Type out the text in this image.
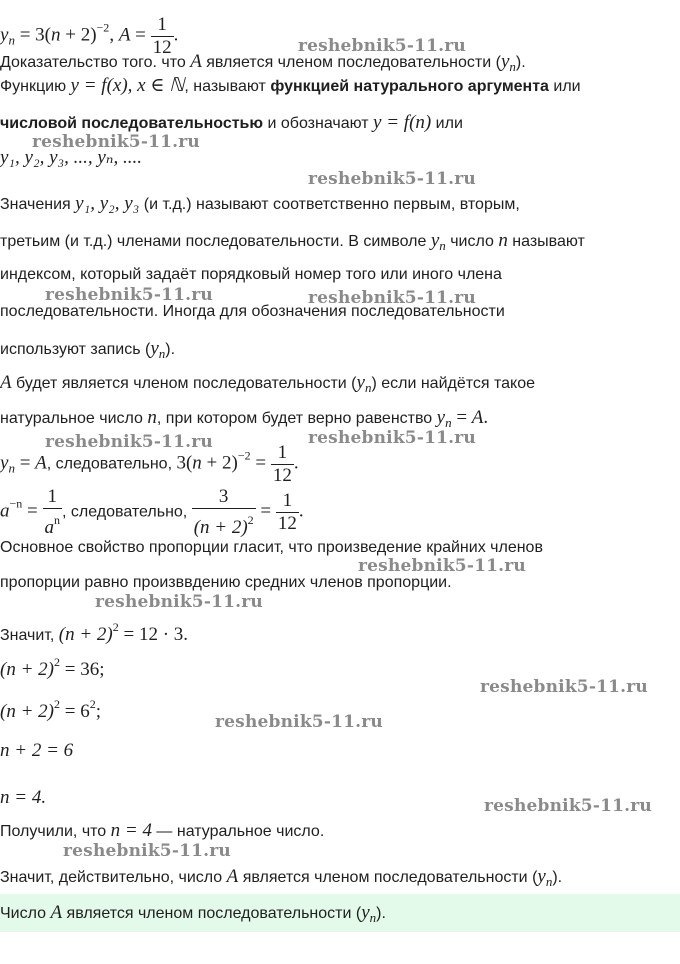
$y_n = 3(n + 2)^{-2}$, $A = \frac{1}{12}$ .
Доказательство того. что A является членом последовательности $(y_n)$.
Функцию y = f(x), x ∈ ℕ, называют функцией натурального аргумента или
числовой последовательностью и обозначают y = f(n) или
y₁, y₂, y₃, ..., yₙ, ....
Значения y₁, y₂, y₃ (и т.д.) называют соответственно первым, вторым,
третьим (и т.д.) членами последовательности. В символе $y_n$ число n называют
индексом, который задаёт порядковый номер того или иного члена
последовательности. Иногда для обозначения последовательности
используют запись $(y_n)$.
A будет является членом последовательности $(y_n)$ если найдётся такое
натуральное число n, при котором будет верно равенство $y_n = A$.
$y_n = A$, следовательно, $3(n + 2)^{-2} = \frac{1}{12}$ .
$a^{-n} = \frac{1}{a^n}$ , следовательно, $\frac{3}{(n + 2)^2} = \frac{1}{12}$ .
Основное свойство пропорции гласит, что произведение крайних членов
пропорции равно произввдению средних членов пропорции.
Значит, $(n + 2)^2 = 12 \cdot 3$.
$(n + 2)^2 = 36$;
$(n + 2)^2 = 6^2$;
n + 2 = 6
n = 4.
Получили, что n = 4 — натуральное число.
Значит, действительно, число A является членом последовательности $(y_n)$.
Число A является членом последовательности $(y_n)$.
reshebnik5-11.ru
reshebnik5-11.ru
reshebnik5-11.ru
reshebnik5-11.ru	reshebnik5-11.ru
reshebnik5-11.ru	reshebnik5-11.ru
reshebnik5-11.ru
reshebnik5-11.ru
reshebnik5-11.ru
reshebnik5-11.ru
reshebnik5-11.ru
reshebnik5-11.ru
